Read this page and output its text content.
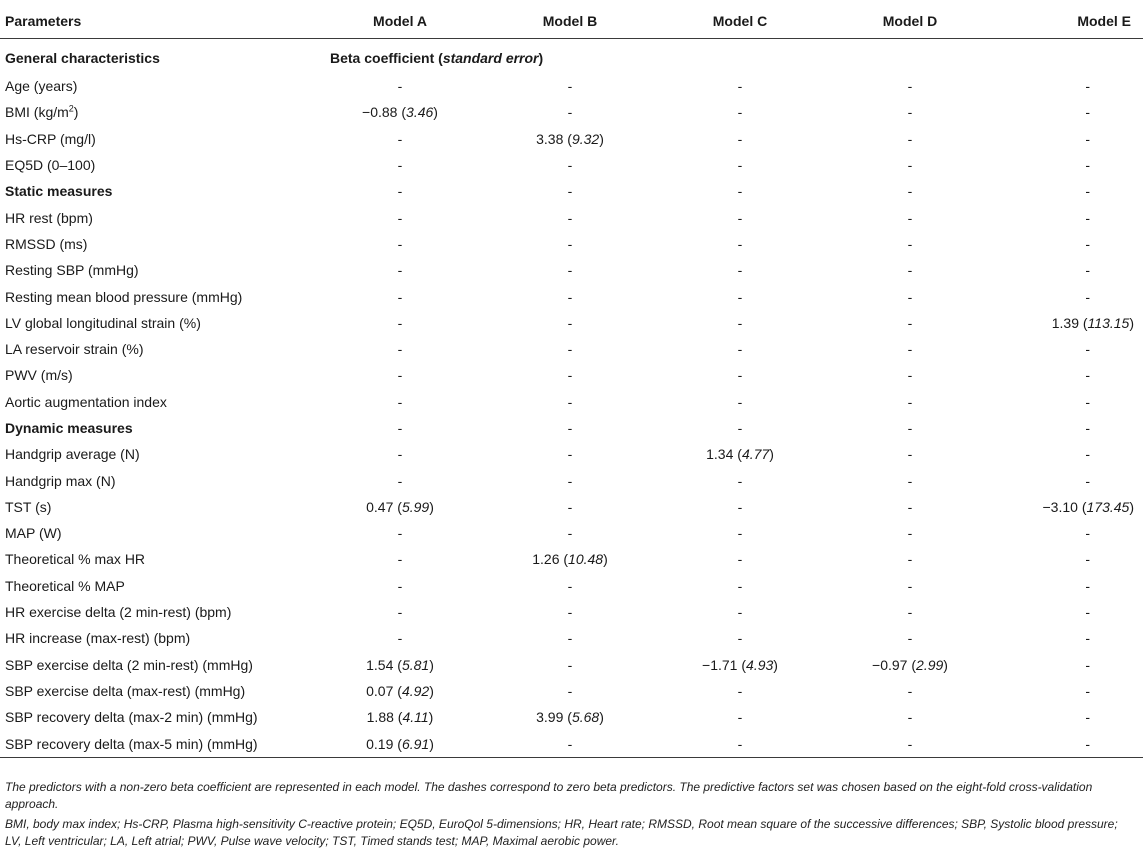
Parameters	Model A	Model B	Model C	Model D	Model E
General characteristics	Beta coefficient (standard error)				
Age (years)	-	-	-	-	-
BMI $(kg/m^2)$	−0.88 (3.46)	-	-	-	-
Hs-CRP (mg/l)	-	3.38 (9.32)	-	-	-
EQ5D (0–100)	-	-	-	-	-
Static measures	-	-	-	-	-
HR rest (bpm)	-	-	-	-	-
RMSSD (ms)	-	-	-	-	-
Resting SBP (mmHg)	-	-	-	-	-
Resting mean blood pressure (mmHg)	-	-	-	-	-
LV global longitudinal strain (%)	-	-	-	-	1.39 (113.15)
LA reservoir strain (%)	-	-	-	-	-
PWV (m/s)	-	-	-	-	-
Aortic augmentation index	-	-	-	-	-
Dynamic measures	-	-	-	-	-
Handgrip average (N)	-	-	1.34 (4.77)	-	-
Handgrip max (N)	-	-	-	-	-
TST (s)	0.47 (5.99)	-	-	-	−3.10 (173.45)
MAP (W)	-	-	-	-	-
Theoretical % max HR	-	1.26 (10.48)	-	-	-
Theoretical % MAP	-	-	-	-	-
HR exercise delta (2 min-rest) (bpm)	-	-	-	-	-
HR increase (max-rest) (bpm)	-	-	-	-	-
SBP exercise delta (2 min-rest) (mmHg)	1.54 (5.81)	-	−1.71 (4.93)	−0.97 (2.99)	-
SBP exercise delta (max-rest) (mmHg)	0.07 (4.92)	-	-	-	-
SBP recovery delta (max-2 min) (mmHg)	1.88 (4.11)	3.99 (5.68)	-	-	-
SBP recovery delta (max-5 min) (mmHg)	0.19 (6.91)	-	-	-	-

The predictors with a non-zero beta coefficient are represented in each model. The dashes correspond to zero beta predictors. The predictive factors set was chosen based on the eight-fold cross-validation approach.

BMI, body max index; Hs-CRP, Plasma high-sensitivity C-reactive protein; EQ5D, EuroQol 5-dimensions; HR, Heart rate; RMSSD, Root mean square of the successive differences; SBP, Systolic blood pressure; LV, Left ventricular; LA, Left atrial; PWV, Pulse wave velocity; TST, Timed stands test; MAP, Maximal aerobic power.
